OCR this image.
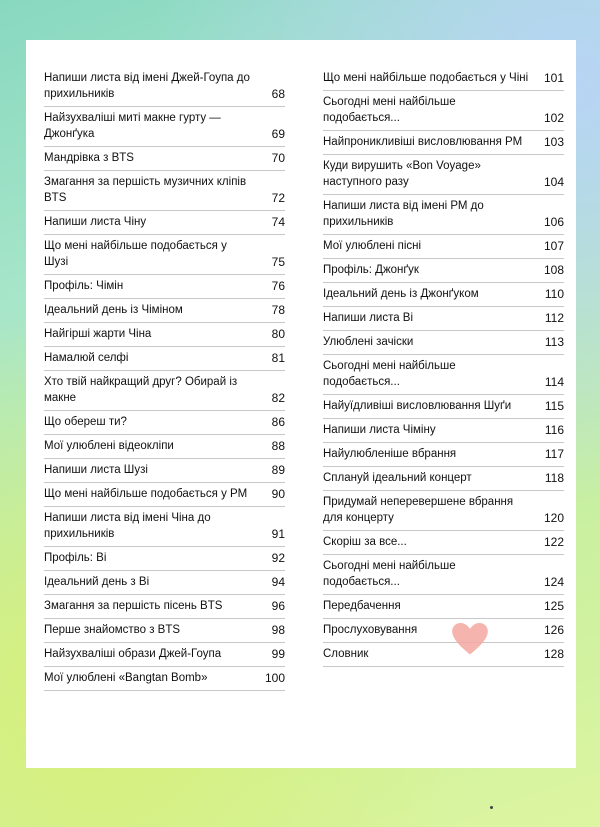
Напиши листа від імені Джей-Гоупа до прихильників	68
Найзухваліші миті макне гурту — Джонґука	69
Мандрівка з BTS	70
Змагання за першість музичних кліпів BTS	72
Напиши листа Чіну	74
Що мені найбільше подобається у Шузі	75
Профіль: Чімін	76
Ідеальний день із Чіміном	78
Найгірші жарти Чіна	80
Намалюй селфі	81
Хто твій найкращий друг? Обирай із макне	82
Що обереш ти?	86
Мої улюблені відеокліпи	88
Напиши листа Шузі	89
Що мені найбільше подобається у РМ	90
Напиши листа від імені Чіна до прихильників	91
Профіль: Ві	92
Ідеальний день з Ві	94
Змагання за першість пісень BTS	96
Перше знайомство з BTS	98
Найзухваліші образи Джей-Гоупа	99
Мої улюблені «Bangtan Bomb»	100
Що мені найбільше подобається у Чіні	101
Сьогодні мені найбільше подобається...	102
Найпроникливіші висловлювання РМ	103
Куди вирушить «Bon Voyage» наступного разу	104
Напиши листа від імені РМ до прихильників	106
Мої улюблені пісні	107
Профіль: Джонґук	108
Ідеальний день із Джонґуком	110
Напиши листа Ві	112
Улюблені зачіски	113
Сьогодні мені найбільше подобається...	114
Найуїдливіші висловлювання Шуґи	115
Напиши листа Чіміну	116
Найулюбленіше вбрання	117
Сплануй ідеальний концерт	118
Придумай неперевершене вбрання для концерту	120
Скоріш за все...	122
Сьогодні мені найбільше подобається...	124
Передбачення	125
Прослуховування	126
Словник	128
